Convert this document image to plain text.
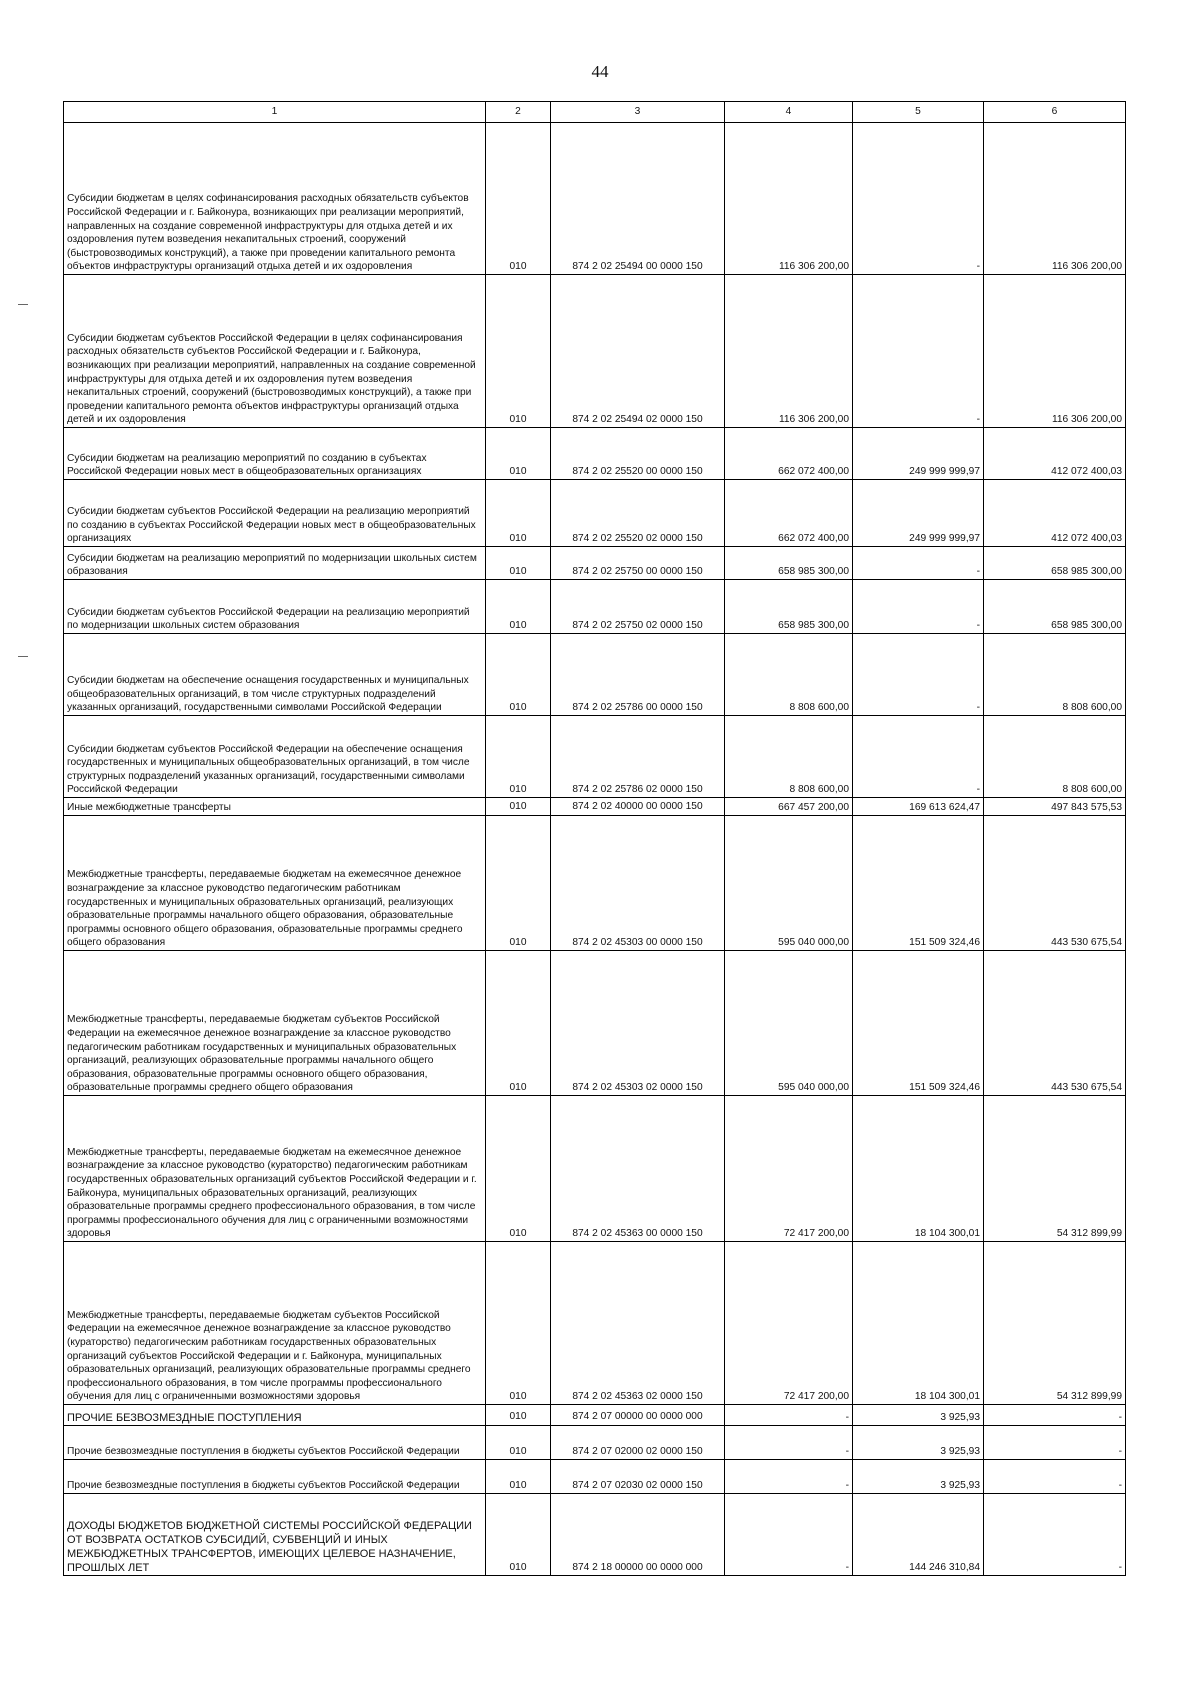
44
1	2	3	4	5	6
Субсидии бюджетам в целях софинансирования расходных обязательств субъектов Российской Федерации и г. Байконура, возникающих при реализации мероприятий, направленных на создание современной инфраструктуры для отдыха детей и их оздоровления путем возведения некапитальных строений, сооружений (быстровозводимых конструкций), а также при проведении капитального ремонта объектов инфраструктуры организаций отдыха детей и их оздоровления	010	874 2 02 25494 00 0000 150	116 306 200,00	-	116 306 200,00
Субсидии бюджетам субъектов Российской Федерации в целях софинансирования расходных обязательств субъектов Российской Федерации и г. Байконура, возникающих при реализации мероприятий, направленных на создание современной инфраструктуры для отдыха детей и их оздоровления путем возведения некапитальных строений, сооружений (быстровозводимых конструкций), а также при проведении капитального ремонта объектов инфраструктуры организаций отдыха детей и их оздоровления	010	874 2 02 25494 02 0000 150	116 306 200,00	-	116 306 200,00
Субсидии бюджетам на реализацию мероприятий по созданию в субъектах Российской Федерации новых мест в общеобразовательных организациях	010	874 2 02 25520 00 0000 150	662 072 400,00	249 999 999,97	412 072 400,03
Субсидии бюджетам субъектов Российской Федерации на реализацию мероприятий по созданию в субъектах Российской Федерации новых мест в общеобразовательных организациях	010	874 2 02 25520 02 0000 150	662 072 400,00	249 999 999,97	412 072 400,03
Субсидии бюджетам на реализацию мероприятий по модернизации школьных систем образования	010	874 2 02 25750 00 0000 150	658 985 300,00	-	658 985 300,00
Субсидии бюджетам субъектов Российской Федерации на реализацию мероприятий по модернизации школьных систем образования	010	874 2 02 25750 02 0000 150	658 985 300,00	-	658 985 300,00
Субсидии бюджетам на обеспечение оснащения государственных и муниципальных общеобразовательных организаций, в том числе структурных подразделений указанных организаций, государственными символами Российской Федерации	010	874 2 02 25786 00 0000 150	8 808 600,00	-	8 808 600,00
Субсидии бюджетам субъектов Российской Федерации на обеспечение оснащения государственных и муниципальных общеобразовательных организаций, в том числе структурных подразделений указанных организаций, государственными символами Российской Федерации	010	874 2 02 25786 02 0000 150	8 808 600,00	-	8 808 600,00
Иные межбюджетные трансферты	010	874 2 02 40000 00 0000 150	667 457 200,00	169 613 624,47	497 843 575,53
Межбюджетные трансферты, передаваемые бюджетам на ежемесячное денежное вознаграждение за классное руководство педагогическим работникам государственных и муниципальных образовательных организаций, реализующих образовательные программы начального общего образования, образовательные программы основного общего образования, образовательные программы среднего общего образования	010	874 2 02 45303 00 0000 150	595 040 000,00	151 509 324,46	443 530 675,54
Межбюджетные трансферты, передаваемые бюджетам субъектов Российской Федерации на ежемесячное денежное вознаграждение за классное руководство педагогическим работникам государственных и муниципальных образовательных организаций, реализующих образовательные программы начального общего образования, образовательные программы основного общего образования, образовательные программы среднего общего образования	010	874 2 02 45303 02 0000 150	595 040 000,00	151 509 324,46	443 530 675,54
Межбюджетные трансферты, передаваемые бюджетам на ежемесячное денежное вознаграждение за классное руководство (кураторство) педагогическим работникам государственных образовательных организаций субъектов Российской Федерации и г. Байконура, муниципальных образовательных организаций, реализующих образовательные программы среднего профессионального образования, в том числе программы профессионального обучения для лиц с ограниченными возможностями здоровья	010	874 2 02 45363 00 0000 150	72 417 200,00	18 104 300,01	54 312 899,99
Межбюджетные трансферты, передаваемые бюджетам субъектов Российской Федерации на ежемесячное денежное вознаграждение за классное руководство (кураторство) педагогическим работникам государственных образовательных организаций субъектов Российской Федерации и г. Байконура, муниципальных образовательных организаций, реализующих образовательные программы среднего профессионального образования, в том числе программы профессионального обучения для лиц с ограниченными возможностями здоровья	010	874 2 02 45363 02 0000 150	72 417 200,00	18 104 300,01	54 312 899,99
ПРОЧИЕ БЕЗВОЗМЕЗДНЫЕ ПОСТУПЛЕНИЯ	010	874 2 07 00000 00 0000 000	-	3 925,93	-
Прочие безвозмездные поступления в бюджеты субъектов Российской Федерации	010	874 2 07 02000 02 0000 150	-	3 925,93	-
Прочие безвозмездные поступления в бюджеты субъектов Российской Федерации	010	874 2 07 02030 02 0000 150	-	3 925,93	-
ДОХОДЫ БЮДЖЕТОВ БЮДЖЕТНОЙ СИСТЕМЫ РОССИЙСКОЙ ФЕДЕРАЦИИ ОТ ВОЗВРАТА ОСТАТКОВ СУБСИДИЙ, СУБВЕНЦИЙ И ИНЫХ МЕЖБЮДЖЕТНЫХ ТРАНСФЕРТОВ, ИМЕЮЩИХ ЦЕЛЕВОЕ НАЗНАЧЕНИЕ, ПРОШЛЫХ ЛЕТ	010	874 2 18 00000 00 0000 000	-	144 246 310,84	-
